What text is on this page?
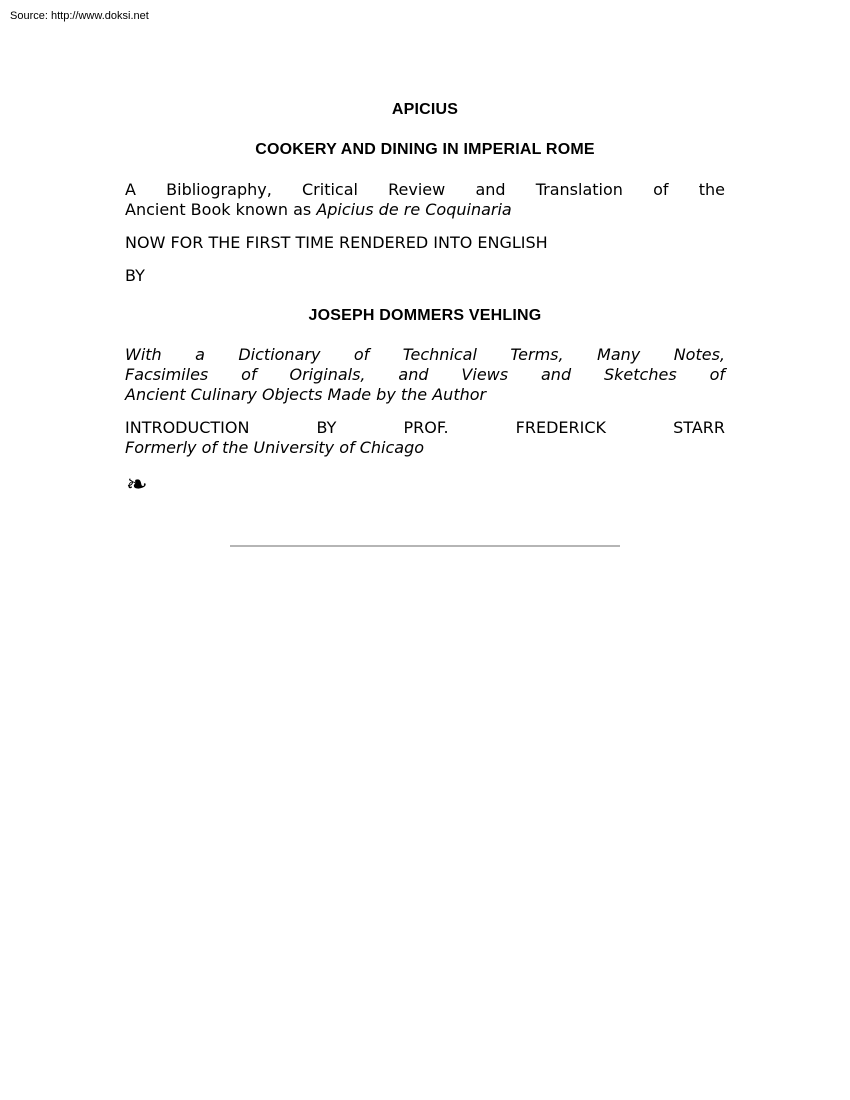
Source: http://www.doksi.net
APICIUS
COOKERY AND DINING IN IMPERIAL ROME
A Bibliography, Critical Review and Translation of the
Ancient Book known as Apicius de re Coquinaria
NOW FOR THE FIRST TIME RENDERED INTO ENGLISH
BY
JOSEPH DOMMERS VEHLING
With a Dictionary of Technical Terms, Many Notes,
Facsimiles of Originals, and Views and Sketches of
Ancient Culinary Objects Made by the Author
INTRODUCTION BY PROF. FREDERICK STARR
Formerly of the University of Chicago
❧
